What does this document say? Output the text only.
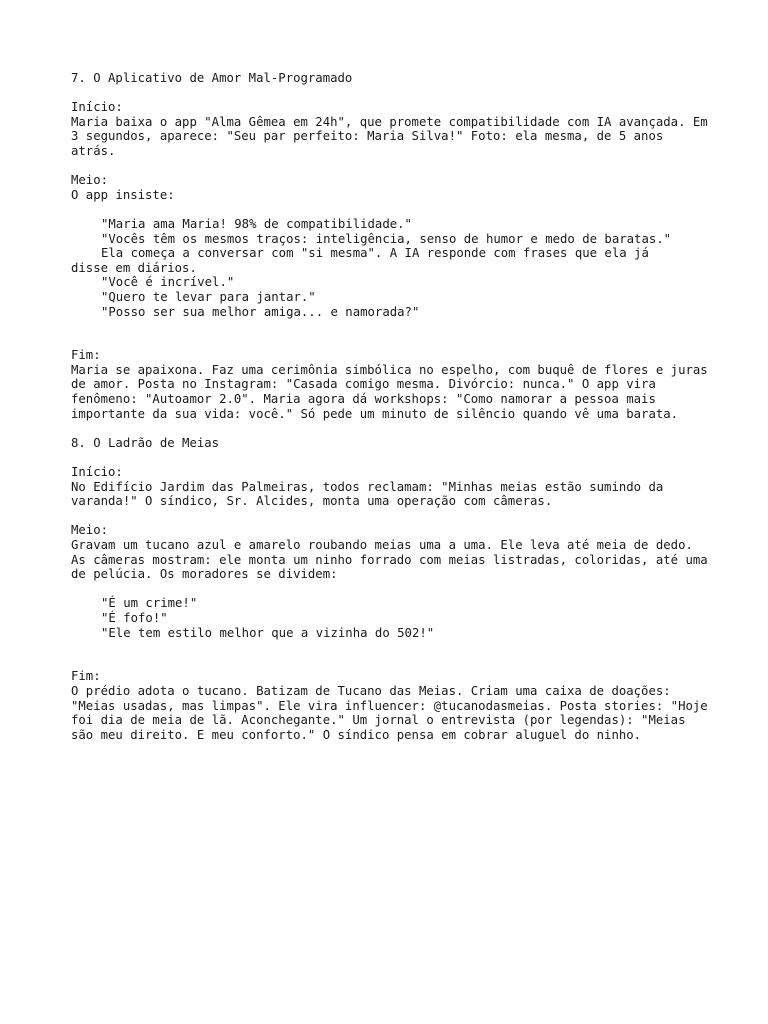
7. O Aplicativo de Amor Mal-Programado

Início:

Maria baixa o app "Alma Gêmea em 24h", que promete compatibilidade com IA avançada. Em 3 segundos, aparece: "Seu par perfeito: Maria Silva!" Foto: ela mesma, de 5 anos atrás.

Meio:

O app insiste:

"Maria ama Maria! 98% de compatibilidade."

"Vocês têm os mesmos traços: inteligência, senso de humor e medo de baratas."

Ela começa a conversar com "si mesma". A IA responde com frases que ela já

disse em diários.

"Você é incrível."

"Quero te levar para jantar."

"Posso ser sua melhor amiga... e namorada?"

Fim:

Maria se apaixona. Faz uma cerimônia simbólica no espelho, com buquê de flores e juras de amor. Posta no Instagram: "Casada comigo mesma. Divórcio: nunca." O app vira fenômeno: "Autoamor 2.0". Maria agora dá workshops: "Como namorar a pessoa mais importante da sua vida: você." Só pede um minuto de silêncio quando vê uma barata.

8. O Ladrão de Meias

Início:

No Edifício Jardim das Palmeiras, todos reclamam: "Minhas meias estão sumindo da varanda!" O síndico, Sr. Alcides, monta uma operação com câmeras.

Meio:

Gravam um tucano azul e amarelo roubando meias uma a uma. Ele leva até meia de dedo. As câmeras mostram: ele monta um ninho forrado com meias listradas, coloridas, até uma de pelúcia. Os moradores se dividem:

"É um crime!"

"É fofo!"

"Ele tem estilo melhor que a vizinha do 502!"

Fim:

O prédio adota o tucano. Batizam de Tucano das Meias. Criam uma caixa de doações: "Meias usadas, mas limpas". Ele vira influencer: @tucanodasmeias. Posta stories: "Hoje foi dia de meia de lã. Aconchegante." Um jornal o entrevista (por legendas): "Meias são meu direito. E meu conforto." O síndico pensa em cobrar aluguel do ninho.
